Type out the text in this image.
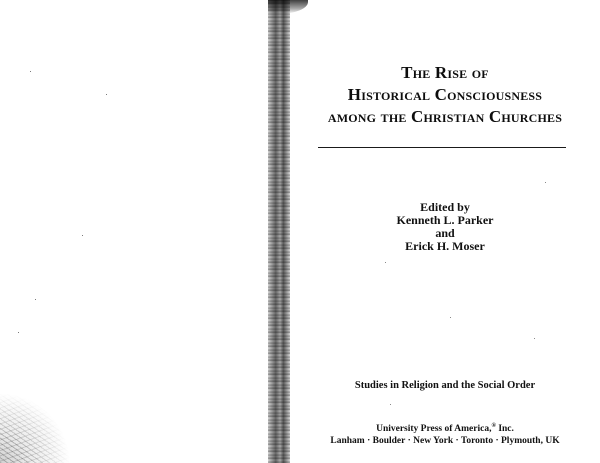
The Rise of
Historical Consciousness
among the Christian Churches
Edited by
Kenneth L. Parker
and
Erick H. Moser
Studies in Religion and the Social Order
University Press of America,® Inc.
Lanham · Boulder · New York · Toronto · Plymouth, UK
